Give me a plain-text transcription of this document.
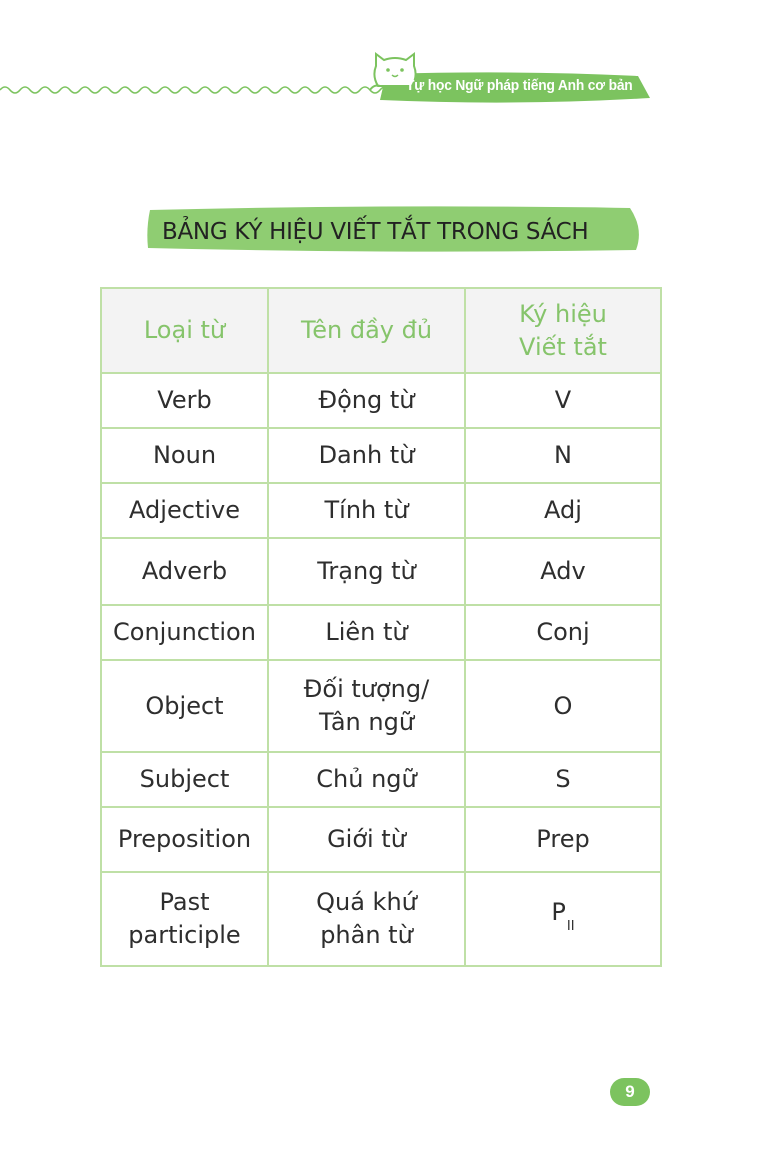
Tự học Ngữ pháp tiếng Anh cơ bản
BẢNG KÝ HIỆU VIẾT TẮT TRONG SÁCH
Loại từ	Tên đầy đủ	Ký hiệu Viết tắt
Verb	Động từ	V
Noun	Danh từ	N
Adjective	Tính từ	Adj
Adverb	Trạng từ	Adv
Conjunction	Liên từ	Conj
Object	Đối tượng/ Tân ngữ	O
Subject	Chủ ngữ	S
Preposition	Giới từ	Prep
Past participle	Quá khứ phân từ	$P_{II}$
9
